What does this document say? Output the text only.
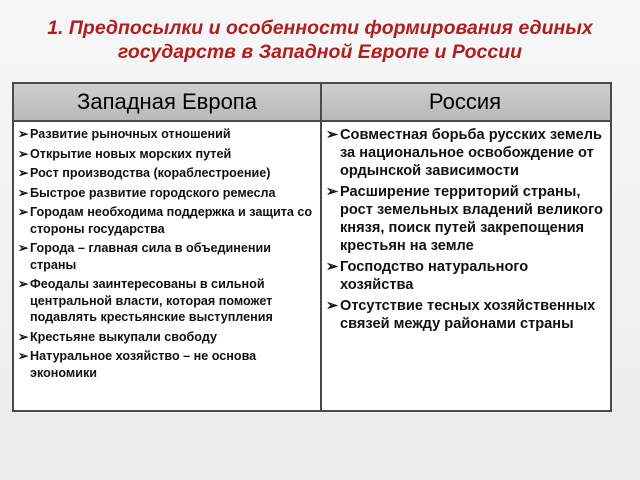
1. Предпосылки и особенности формирования единых государств в Западной Европе и России
Западная Европа	Россия
➢ Развитие рыночных отношений
➢ Открытие новых морских путей
➢ Рост производства (кораблестроение)
➢ Быстрое развитие городского ремесла
➢ Городам необходима поддержка и защита со стороны государства
➢ Города – главная сила в объединении страны
➢ Феодалы заинтересованы в сильной центральной власти, которая поможет подавлять крестьянские выступления
➢ Крестьяне выкупали свободу
➢ Натуральное хозяйство – не основа экономики
➢ Совместная борьба русских земель за национальное освобождение от ордынской зависимости
➢ Расширение территорий страны, рост земельных владений великого князя, поиск путей закрепощения крестьян на земле
➢ Господство натурального хозяйства
➢ Отсутствие тесных хозяйственных связей между районами страны
